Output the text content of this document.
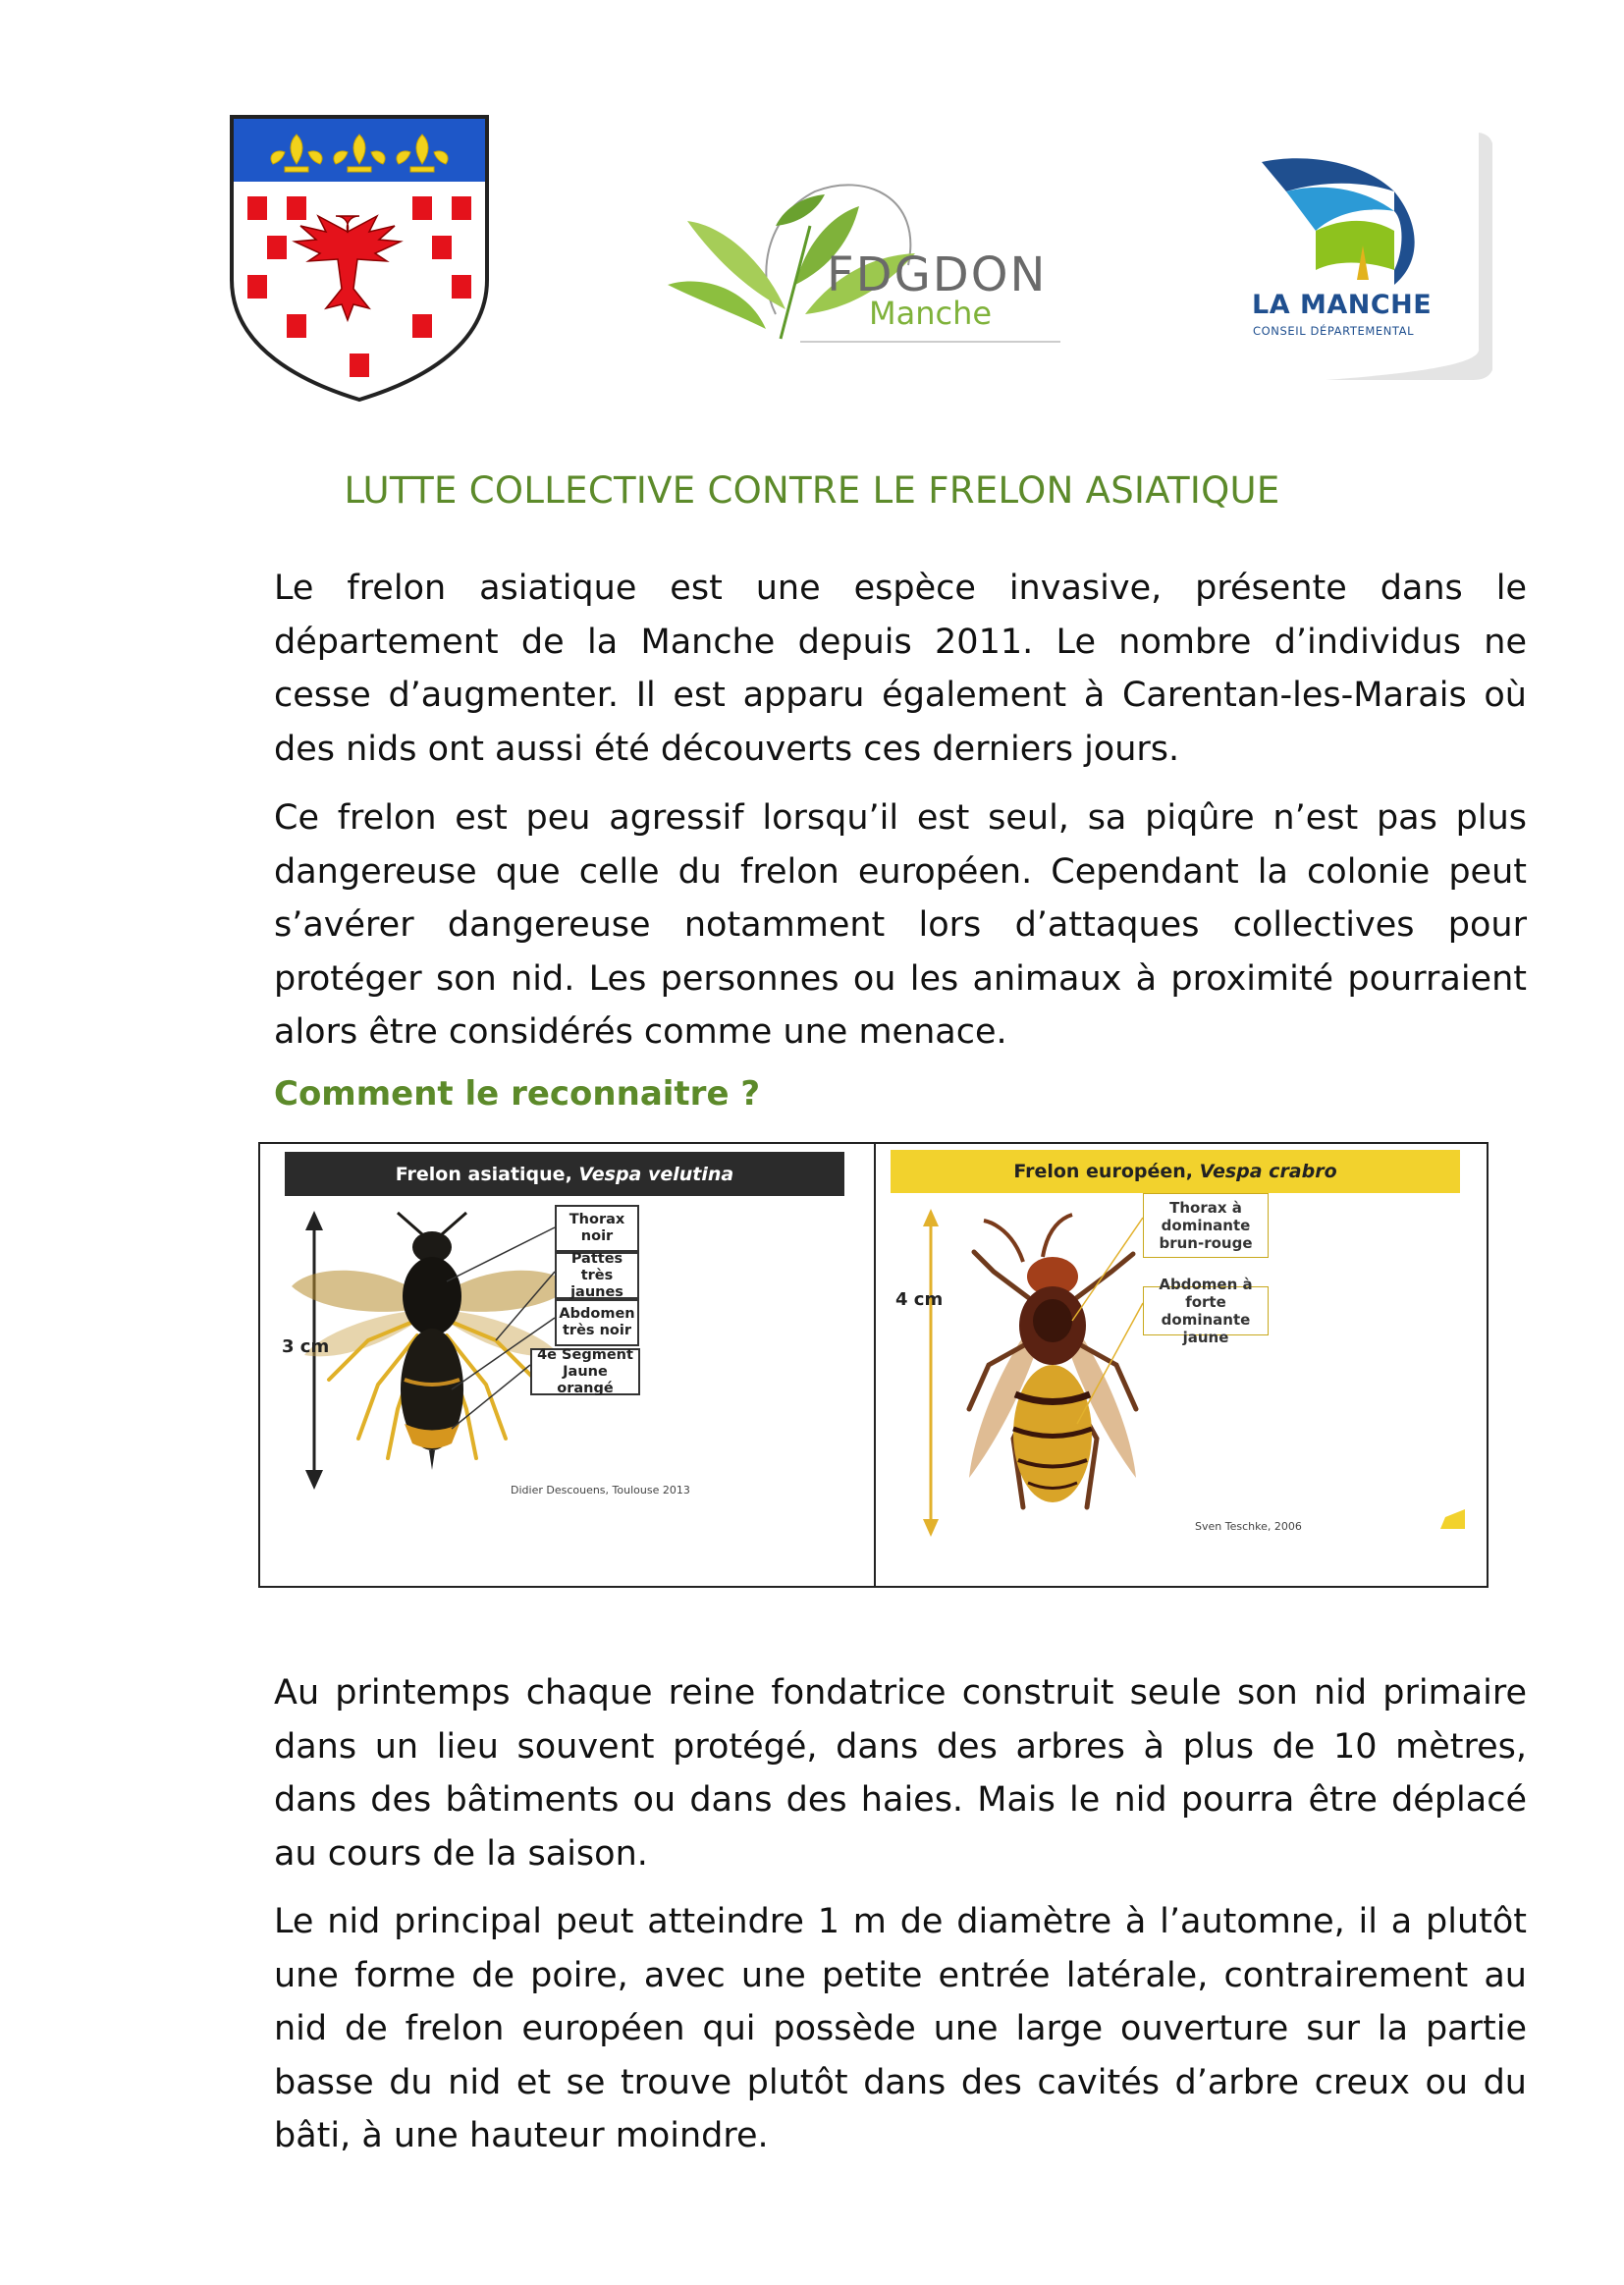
FDGDON
Manche	LA MANCHE
CONSEIL DÉPARTEMENTAL
LUTTE COLLECTIVE CONTRE LE FRELON ASIATIQUE

Le frelon asiatique est une espèce invasive, présente dans le département de la Manche depuis 2011. Le nombre d’individus ne cesse d’augmenter. Il est apparu également à Carentan-les-Marais où des nids ont aussi été découverts ces derniers jours.

Ce frelon est peu agressif lorsqu’il est seul, sa piqûre n’est pas plus dangereuse que celle du frelon européen. Cependant la colonie peut s’avérer dangereuse notamment lors d’attaques collectives pour protéger son nid. Les personnes ou les animaux à proximité pourraient alors être considérés comme une menace.

Comment le reconnaitre ?
Frelon asiatique,
Vespa velutina
3 cm
Thorax noir
Pattes très jaunes
Abdomen très noir
4e Segment Jaune orangé
Didier Descouens, Toulouse 2013
Frelon européen,
Vespa crabro
4 cm
Thorax à dominante brun-rouge
Abdomen à forte dominante jaune
Sven Teschke, 2006

Au printemps chaque reine fondatrice construit seule son nid primaire dans un lieu souvent protégé, dans des arbres à plus de 10 mètres, dans des bâtiments ou dans des haies. Mais le nid pourra être déplacé au cours de la saison.

Le nid principal peut atteindre 1 m de diamètre à l’automne, il a plutôt une forme de poire, avec une petite entrée latérale, contrairement au nid de frelon européen qui possède une large ouverture sur la partie basse du nid et se trouve plutôt dans des cavités d’arbre creux ou du bâti, à une hauteur moindre.
